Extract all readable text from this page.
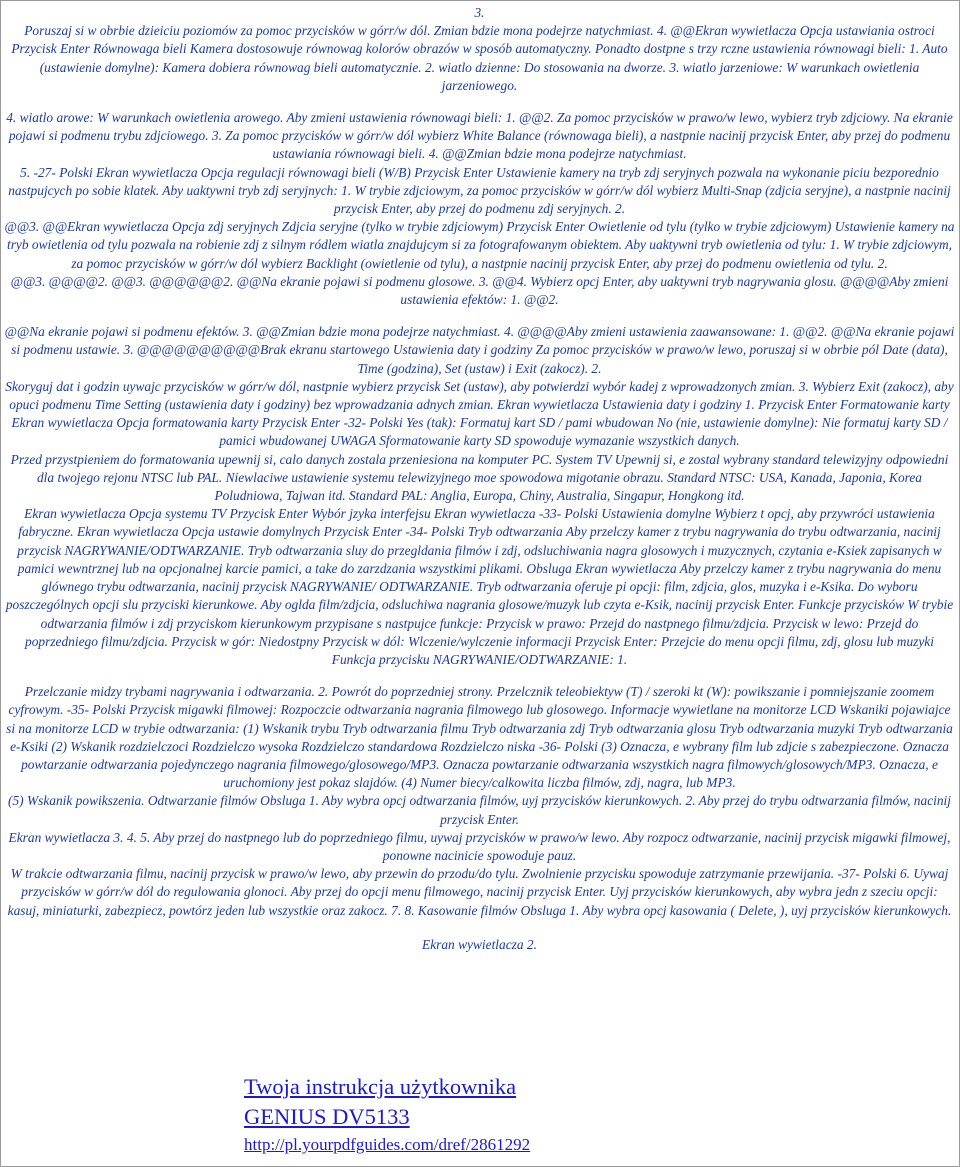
3.

Poruszaj si w obrbie dzieiciu poziomów za pomoc przycisków w górr/w dól. Zmian bdzie mona podejrze natychmiast. 4. @@Ekran wywietlacza Opcja ustawiania ostroci Przycisk Enter Równowaga bieli Kamera dostosowuje równowag kolorów obrazów w sposób automatyczny. Ponadto dostpne s trzy rczne ustawienia równowagi bieli: 1. Auto (ustawienie domylne): Kamera dobiera równowag bieli automatycznie. 2. wiatlo dzienne: Do stosowania na dworze. 3. wiatlo jarzeniowe: W warunkach owietlenia jarzeniowego.

4. wiatlo arowe: W warunkach owietlenia arowego. Aby zmieni ustawienia równowagi bieli: 1. @@2. Za pomoc przycisków w prawo/w lewo, wybierz tryb zdjciowy. Na ekranie pojawi si podmenu trybu zdjciowego. 3. Za pomoc przycisków w górr/w dól wybierz White Balance (równowaga bieli), a nastpnie nacinij przycisk Enter, aby przej do podmenu ustawiania równowagi bieli. 4. @@Zmian bdzie mona podejrze natychmiast.

5. -27- Polski Ekran wywietlacza Opcja regulacji równowagi bieli (W/B) Przycisk Enter Ustawienie kamery na tryb zdj seryjnych pozwala na wykonanie piciu bezporednio nastpujcych po sobie klatek. Aby uaktywni tryb zdj seryjnych: 1. W trybie zdjciowym, za pomoc przycisków w górr/w dól wybierz Multi-Snap (zdjcia seryjne), a nastpnie nacinij przycisk Enter, aby przej do podmenu zdj seryjnych. 2.

@@3. @@Ekran wywietlacza Opcja zdj seryjnych Zdjcia seryjne (tylko w trybie zdjciowym) Przycisk Enter Owietlenie od tylu (tylko w trybie zdjciowym) Ustawienie kamery na tryb owietlenia od tylu pozwala na robienie zdj z silnym ródlem wiatla znajdujcym si za fotografowanym obiektem. Aby uaktywni tryb owietlenia od tylu: 1. W trybie zdjciowym, za pomoc przycisków w górr/w dól wybierz Backlight (owietlenie od tylu), a nastpnie nacinij przycisk Enter, aby przej do podmenu owietlenia od tylu. 2.

@@3. @@@@2. @@3. @@@@@@2. @@Na ekranie pojawi si podmenu glosowe. 3. @@4. Wybierz opcj Enter, aby uaktywni tryb nagrywania glosu. @@@@Aby zmieni ustawienia efektów: 1. @@2.

@@Na ekranie pojawi si podmenu efektów. 3. @@Zmian bdzie mona podejrze natychmiast. 4. @@@@Aby zmieni ustawienia zaawansowane: 1. @@2. @@Na ekranie pojawi si podmenu ustawie. 3. @@@@@@@@@@Brak ekranu startowego Ustawienia daty i godziny Za pomoc przycisków w prawo/w lewo, poruszaj si w obrbie pól Date (data), Time (godzina), Set (ustaw) i Exit (zakocz). 2.

Skoryguj dat i godzin uywajc przycisków w górr/w dól, nastpnie wybierz przycisk Set (ustaw), aby potwierdzi wybór kadej z wprowadzonych zmian. 3. Wybierz Exit (zakocz), aby opuci podmenu Time Setting (ustawienia daty i godziny) bez wprowadzania adnych zmian. Ekran wywietlacza Ustawienia daty i godziny 1. Przycisk Enter Formatowanie karty Ekran wywietlacza Opcja formatowania karty Przycisk Enter -32- Polski Yes (tak): Formatuj kart SD / pami wbudowan No (nie, ustawienie domylne): Nie formatuj karty SD / pamici wbudowanej UWAGA Sformatowanie karty SD spowoduje wymazanie wszystkich danych.

Przed przystpieniem do formatowania upewnij si, calo danych zostala przeniesiona na komputer PC. System TV Upewnij si, e zostal wybrany standard telewizyjny odpowiedni dla twojego rejonu NTSC lub PAL. Niewlaciwe ustawienie systemu telewizyjnego moe spowodowa migotanie obrazu. Standard NTSC: USA, Kanada, Japonia, Korea Poludniowa, Tajwan itd. Standard PAL: Anglia, Europa, Chiny, Australia, Singapur, Hongkong itd.

Ekran wywietlacza Opcja systemu TV Przycisk Enter Wybór jzyka interfejsu Ekran wywietlacza -33- Polski Ustawienia domylne Wybierz t opcj, aby przywróci ustawienia fabryczne. Ekran wywietlacza Opcja ustawie domylnych Przycisk Enter -34- Polski Tryb odtwarzania Aby przelczy kamer z trybu nagrywania do trybu odtwarzania, nacinij przycisk NAGRYWANIE/ODTWARZANIE. Tryb odtwarzania sluy do przegldania filmów i zdj, odsluchiwania nagra glosowych i muzycznych, czytania e-Ksiek zapisanych w pamici wewntrznej lub na opcjonalnej karcie pamici, a take do zarzdzania wszystkimi plikami. Obsluga Ekran wywietlacza Aby przelczy kamer z trybu nagrywania do menu glównego trybu odtwarzania, nacinij przycisk NAGRYWANIE/ ODTWARZANIE. Tryb odtwarzania oferuje pi opcji: film, zdjcia, glos, muzyka i e-Ksika. Do wyboru poszczególnych opcji slu przyciski kierunkowe. Aby oglda film/zdjcia, odsluchiwa nagrania glosowe/muzyk lub czyta e-Ksik, nacinij przycisk Enter. Funkcje przycisków W trybie odtwarzania filmów i zdj przyciskom kierunkowym przypisane s nastpujce funkcje: Przycisk w prawo: Przejd do nastpnego filmu/zdjcia. Przycisk w lewo: Przejd do poprzedniego filmu/zdjcia. Przycisk w gór: Niedostpny Przycisk w dól: Wlczenie/wylczenie informacji Przycisk Enter: Przejcie do menu opcji filmu, zdj, glosu lub muzyki Funkcja przycisku NAGRYWANIE/ODTWARZANIE: 1.

Przelczanie midzy trybami nagrywania i odtwarzania. 2. Powrót do poprzedniej strony. Przelcznik teleobiektyw (T) / szeroki kt (W): powikszanie i pomniejszanie zoomem cyfrowym. -35- Polski Przycisk migawki filmowej: Rozpoczcie odtwarzania nagrania filmowego lub glosowego. Informacje wywietlane na monitorze LCD Wskaniki pojawiajce si na monitorze LCD w trybie odtwarzania: (1) Wskanik trybu Tryb odtwarzania filmu Tryb odtwarzania zdj Tryb odtwarzania glosu Tryb odtwarzania muzyki Tryb odtwarzania e-Ksiki (2) Wskanik rozdzielczoci Rozdzielczo wysoka Rozdzielczo standardowa Rozdzielczo niska -36- Polski (3) Oznacza, e wybrany film lub zdjcie s zabezpieczone. Oznacza powtarzanie odtwarzania pojedynczego nagrania filmowego/glosowego/MP3. Oznacza powtarzanie odtwarzania wszystkich nagra filmowych/glosowych/MP3. Oznacza, e uruchomiony jest pokaz slajdów. (4) Numer biecy/calkowita liczba filmów, zdj, nagra, lub MP3.

(5) Wskanik powikszenia. Odtwarzanie filmów Obsluga 1. Aby wybra opcj odtwarzania filmów, uyj przycisków kierunkowych. 2. Aby przej do trybu odtwarzania filmów, nacinij przycisk Enter.

Ekran wywietlacza 3. 4. 5. Aby przej do nastpnego lub do poprzedniego filmu, uywaj przycisków w prawo/w lewo. Aby rozpocz odtwarzanie, nacinij przycisk migawki filmowej, ponowne nacinicie spowoduje pauz.

W trakcie odtwarzania filmu, nacinij przycisk w prawo/w lewo, aby przewin do przodu/do tylu. Zwolnienie przycisku spowoduje zatrzymanie przewijania. -37- Polski 6. Uywaj przycisków w górr/w dól do regulowania glonoci. Aby przej do opcji menu filmowego, nacinij przycisk Enter. Uyj przycisków kierunkowych, aby wybra jedn z szeciu opcji: kasuj, miniaturki, zabezpiecz, powtórz jeden lub wszystkie oraz zakocz. 7. 8. Kasowanie filmów Obsluga 1. Aby wybra opcj kasowania ( Delete, ), uyj przycisków kierunkowych.

Ekran wywietlacza 2.

Twoja instrukcja użytkownika
GENIUS DV5133
http://pl.yourpdfguides.com/dref/2861292
